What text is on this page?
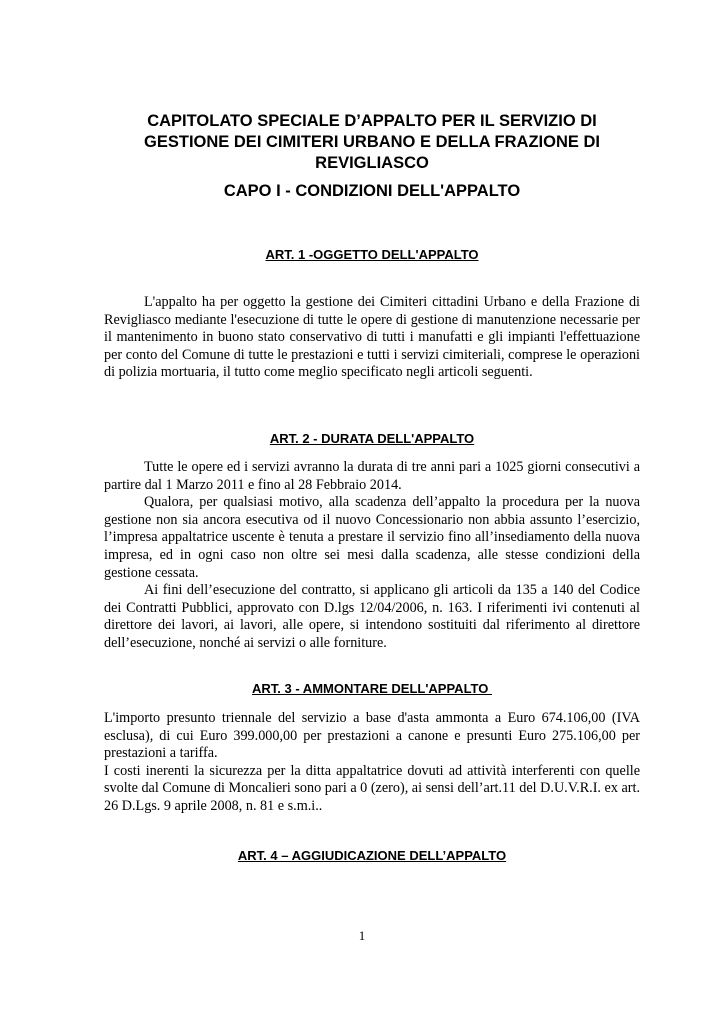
CAPITOLATO SPECIALE D’APPALTO PER IL SERVIZIO DI
GESTIONE DEI CIMITERI URBANO E DELLA FRAZIONE DI
REVIGLIASCO
CAPO I - CONDIZIONI DELL'APPALTO
ART. 1 -OGGETTO DELL'APPALTO

L'appalto ha per oggetto la gestione dei Cimiteri cittadini Urbano e della Frazione di Revigliasco mediante l'esecuzione di tutte le opere di gestione di manutenzione necessarie per il mantenimento in buono stato conservativo di tutti i manufatti e gli impianti l'effettuazione per conto del Comune di tutte le prestazioni e tutti i servizi cimiteriali, comprese le operazioni di polizia mortuaria, il tutto come meglio specificato negli articoli seguenti.

ART. 2 - DURATA DELL'APPALTO

Tutte le opere ed i servizi avranno la durata di tre anni pari a 1025 giorni consecutivi a partire dal 1 Marzo 2011 e fino al 28 Febbraio 2014.

Qualora, per qualsiasi motivo, alla scadenza dell’appalto la procedura per la nuova gestione non sia ancora esecutiva od il nuovo Concessionario non abbia assunto l’esercizio, l’impresa appaltatrice uscente è tenuta a prestare il servizio fino all’insediamento della nuova impresa, ed in ogni caso non oltre sei mesi dalla scadenza, alle stesse condizioni della gestione cessata.

Ai fini dell’esecuzione del contratto, si applicano gli articoli da 135 a 140 del Codice dei Contratti Pubblici, approvato con D.lgs 12/04/2006, n. 163. I riferimenti ivi contenuti al direttore dei lavori, ai lavori, alle opere, si intendono sostituiti dal riferimento al direttore dell’esecuzione, nonché ai servizi o alle forniture.

ART. 3 - AMMONTARE DELL'APPALTO

L'importo presunto triennale del servizio a base d'asta ammonta a Euro 674.106,00 (IVA esclusa), di cui Euro 399.000,00 per prestazioni a canone e presunti Euro 275.106,00 per prestazioni a tariffa.

I costi inerenti la sicurezza per la ditta appaltatrice dovuti ad attività interferenti con quelle svolte dal Comune di Moncalieri sono pari a 0 (zero), ai sensi dell’art.11 del D.U.V.R.I. ex art. 26 D.Lgs. 9 aprile 2008, n. 81 e s.m.i..

ART. 4 – AGGIUDICAZIONE DELL’APPALTO
1
